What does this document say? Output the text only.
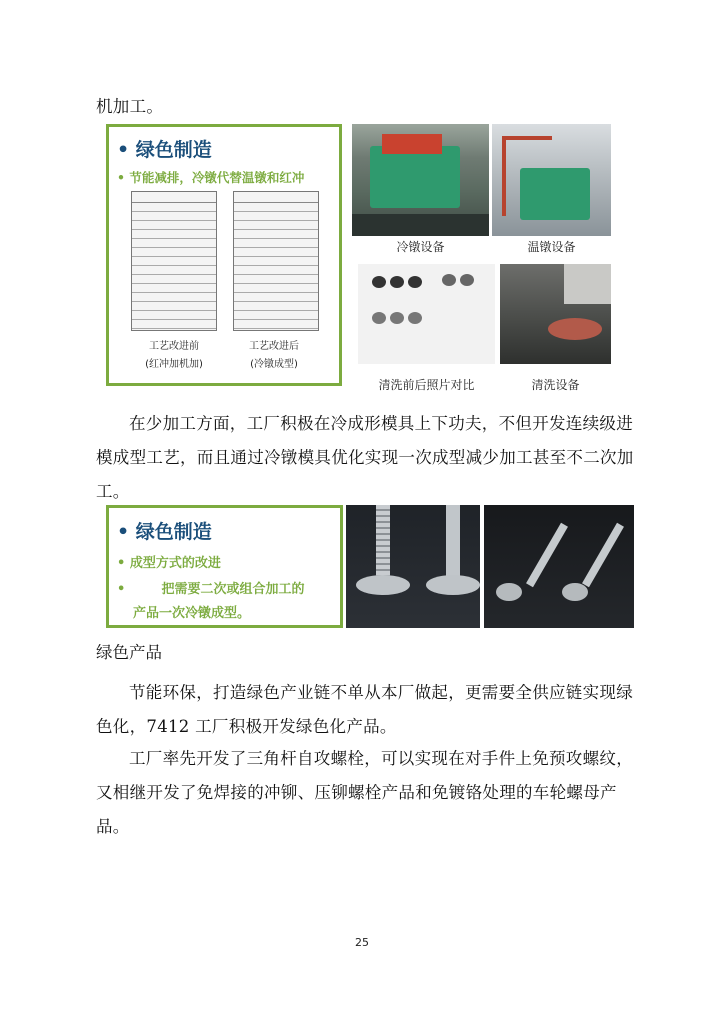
机加工。
• 绿色制造
• 节能减排，冷镦代替温镦和红冲
工艺改进前
(红冲加机加)
工艺改进后
(冷镦成型)
冷镦设备	温镦设备
清洗前后照片对比	清洗设备
在少加工方面，工厂积极在冷成形模具上下功夫，不但开发连续级进模成型工艺，而且通过冷镦模具优化实现一次成型减少加工甚至不二次加工。
• 绿色制造
• 成型方式的改进
•        把需要二次或组合加工的
产品一次冷镦成型。
绿色产品
节能环保，打造绿色产业链不单从本厂做起，更需要全供应链实现绿色化，7412 工厂积极开发绿色化产品。
工厂率先开发了三角杆自攻螺栓，可以实现在对手件上免预攻螺纹，又相继开发了免焊接的冲铆、压铆螺栓产品和免镀铬处理的车轮螺母产品。
25
